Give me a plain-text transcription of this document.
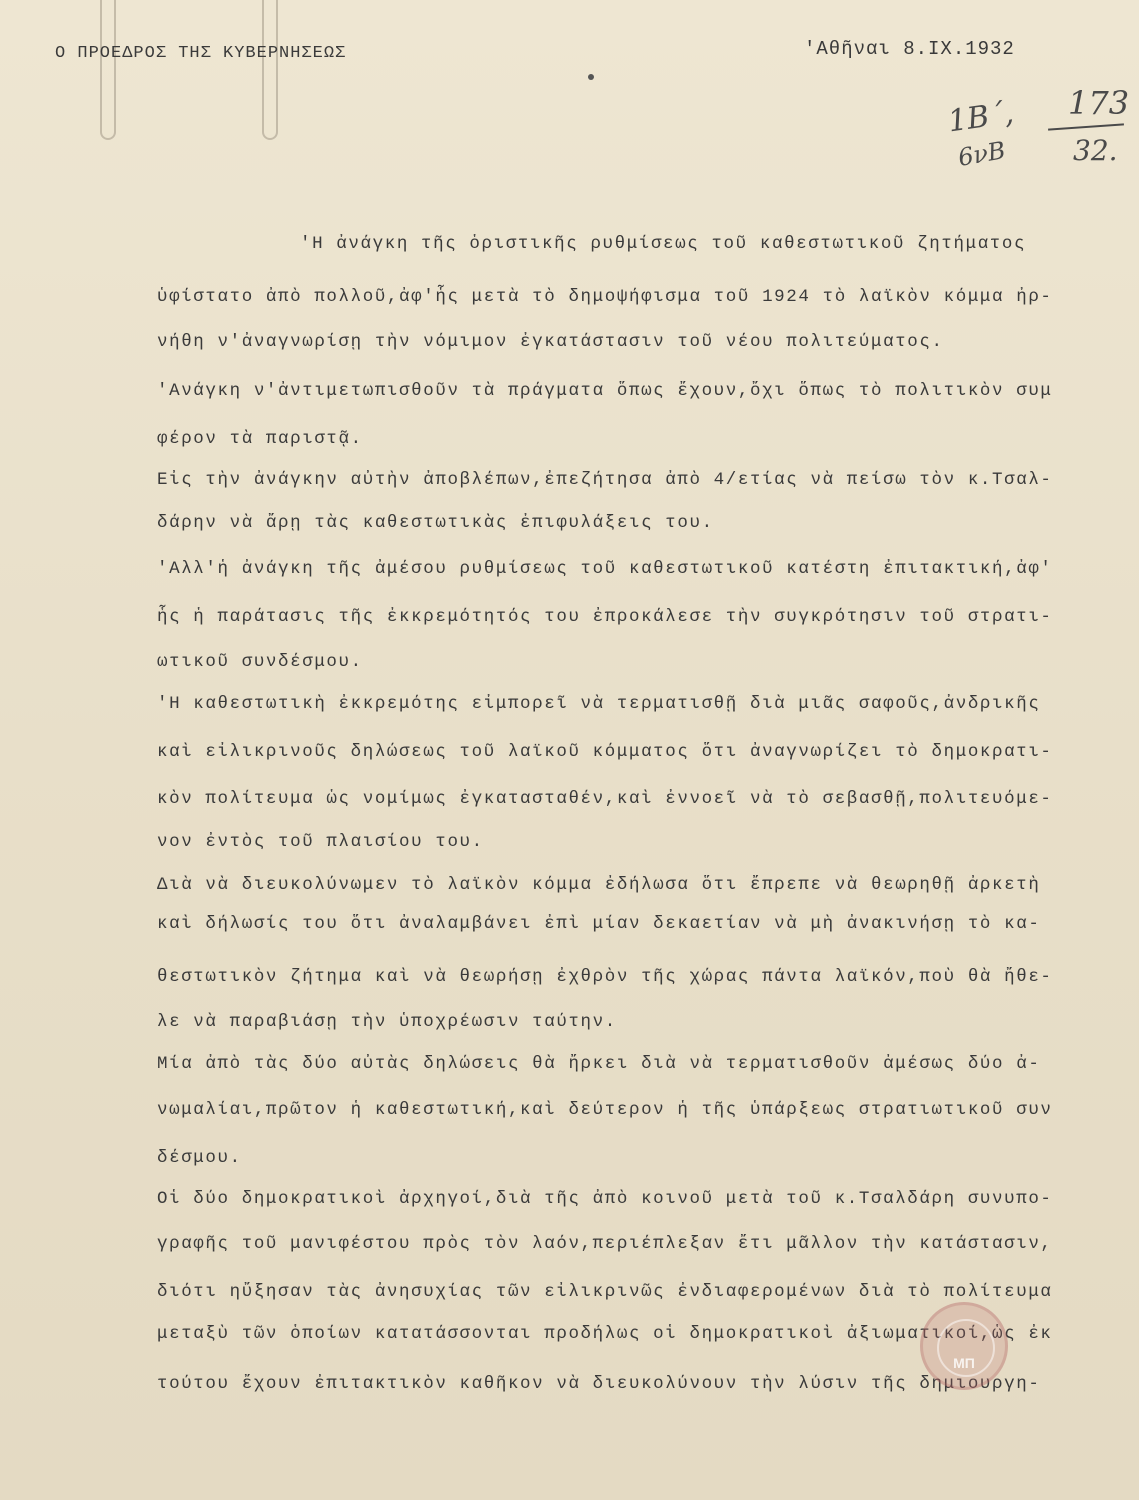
Ο ΠΡΟΕΔΡΟΣ ΤΗΣ ΚΥΒΕΡΝΗΣΕΩΣ	'Αθῆναι 8.ΙΧ.1932
1Β΄,
6νΒ
173
32.
'Η ἀνάγκη τῆς ὁριστικῆς ρυθμίσεως τοῦ καθεστωτικοῦ ζητήματος
ὑφίστατο ἀπὸ πολλοῦ,ἀφ'ἧς μετὰ τὸ δημοψήφισμα τοῦ 1924 τὸ λαϊκὸν κόμμα ἠρ-
νήθη ν'ἀναγνωρίσῃ τὴν νόμιμον ἐγκατάστασιν τοῦ νέου πολιτεύματος.
'Ανάγκη ν'ἀντιμετωπισθοῦν τὰ πράγματα ὅπως ἔχουν,ὄχι ὅπως τὸ πολιτικὸν συμ
φέρον τὰ παριστᾷ.
Εἰς τὴν ἀνάγκην αὐτὴν ἀποβλέπων,ἐπεζήτησα ἀπὸ 4/ετίας νὰ πείσω τὸν κ.Τσαλ-
δάρην νὰ ἄρῃ τὰς καθεστωτικὰς ἐπιφυλάξεις του.
'Αλλ'ἡ ἀνάγκη τῆς ἀμέσου ρυθμίσεως τοῦ καθεστωτικοῦ κατέστη ἐπιτακτική,ἀφ'
ἧς ἡ παράτασις τῆς ἐκκρεμότητός του ἐπροκάλεσε τὴν συγκρότησιν τοῦ στρατι-
ωτικοῦ συνδέσμου.
'Η καθεστωτικὴ ἐκκρεμότης εἰμπορεῖ νὰ τερματισθῇ διὰ μιᾶς σαφοῦς,ἀνδρικῆς
καὶ εἰλικρινοῦς δηλώσεως τοῦ λαϊκοῦ κόμματος ὅτι ἀναγνωρίζει τὸ δημοκρατι-
κὸν πολίτευμα ὡς νομίμως ἐγκατασταθέν,καὶ ἐννοεῖ νὰ τὸ σεβασθῇ,πολιτευόμε-
νον ἐντὸς τοῦ πλαισίου του.
Διὰ νὰ διευκολύνωμεν τὸ λαϊκὸν κόμμα ἐδήλωσα ὅτι ἔπρεπε νὰ θεωρηθῇ ἀρκετὴ
καὶ δήλωσίς του ὅτι ἀναλαμβάνει ἐπὶ μίαν δεκαετίαν νὰ μὴ ἀνακινήσῃ τὸ κα-
θεστωτικὸν ζήτημα καὶ νὰ θεωρήσῃ ἐχθρὸν τῆς χώρας πάντα λαϊκόν,ποὺ θὰ ἤθε-
λε νὰ παραβιάσῃ τὴν ὑποχρέωσιν ταύτην.
Μία ἀπὸ τὰς δύο αὐτὰς δηλώσεις θὰ ἤρκει διὰ νὰ τερματισθοῦν ἀμέσως δύο ἀ-
νωμαλίαι,πρῶτον ἡ καθεστωτική,καὶ δεύτερον ἡ τῆς ὑπάρξεως στρατιωτικοῦ συν
δέσμου.
Οἱ δύο δημοκρατικοὶ ἀρχηγοί,διὰ τῆς ἀπὸ κοινοῦ μετὰ τοῦ κ.Τσαλδάρη συνυπο-
γραφῆς τοῦ μανιφέστου πρὸς τὸν λαόν,περιέπλεξαν ἔτι μᾶλλον τὴν κατάστασιν,
διότι ηὔξησαν τὰς ἀνησυχίας τῶν εἰλικρινῶς ἐνδιαφερομένων διὰ τὸ πολίτευμα
μεταξὺ τῶν ὁποίων κατατάσσονται προδήλως οἱ δημοκρατικοὶ ἀξιωματικοί,ὡς ἐκ
τούτου ἔχουν ἐπιτακτικὸν καθῆκον νὰ διευκολύνουν τὴν λύσιν τῆς δημιουργη-
ΜΠ
